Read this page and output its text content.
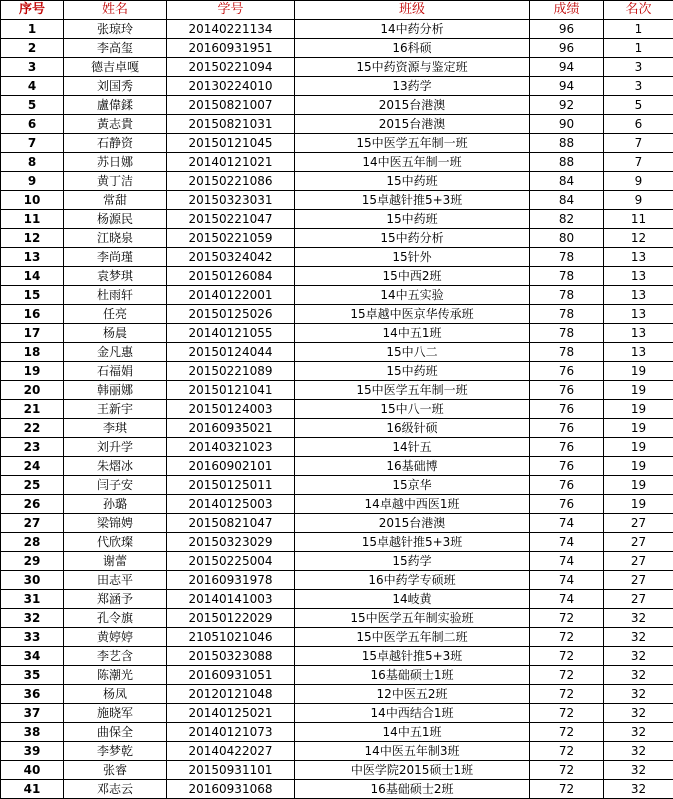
序号	姓名	学号	班级	成绩	名次
1	张琼玲	20140221134	14中药分析	96	1
2	李高玺	20160931951	16科硕	96	1
3	德吉卓嘎	20150221094	15中药资源与鉴定班	94	3
4	刘国秀	20130224010	13药学	94	3
5	盧偉鍒	20150821007	2015台港澳	92	5
6	黃志貴	20150821031	2015台港澳	90	6
7	石静资	20150121045	15中医学五年制一班	88	7
8	苏日娜	20140121021	14中医五年制一班	88	7
9	黄丁洁	20150221086	15中药班	84	9
10	常甜	20150323031	15卓越针推5+3班	84	9
11	杨源民	20150221047	15中药班	82	11
12	江晓泉	20150221059	15中药分析	80	12
13	李尚瑾	20150324042	15针外	78	13
14	袁梦琪	20150126084	15中西2班	78	13
15	杜雨轩	20140122001	14中五实验	78	13
16	任亮	20150125026	15卓越中医京华传承班	78	13
17	杨晨	20140121055	14中五1班	78	13
18	金凡惠	20150124044	15中八二	78	13
19	石福娟	20150221089	15中药班	76	19
20	韩丽娜	20150121041	15中医学五年制一班	76	19
21	王新宇	20150124003	15中八一班	76	19
22	李琪	20160935021	16级针硕	76	19
23	刘升学	20140321023	14针五	76	19
24	朱熠冰	20160902101	16基础博	76	19
25	闫子安	20150125011	15京华	76	19
26	孙璐	20140125003	14卓越中西医1班	76	19
27	梁锦娉	20150821047	2015台港澳	74	27
28	代欣璨	20150323029	15卓越针推5+3班	74	27
29	谢蕾	20150225004	15药学	74	27
30	田志平	20160931978	16中药学专硕班	74	27
31	郑涵予	20140141003	14岐黄	74	27
32	孔令旗	20150122029	15中医学五年制实验班	72	32
33	黄婷婷	21051021046	15中医学五年制二班	72	32
34	李艺含	20150323088	15卓越针推5+3班	72	32
35	陈潮光	20160931051	16基础硕士1班	72	32
36	杨凤	20120121048	12中医五2班	72	32
37	施晓军	20140125021	14中西结合1班	72	32
38	曲保全	20140121073	14中五1班	72	32
39	李梦乾	20140422027	14中医五年制3班	72	32
40	张睿	20150931101	中医学院2015硕士1班	72	32
41	邓志云	20160931068	16基础硕士2班	72	32
